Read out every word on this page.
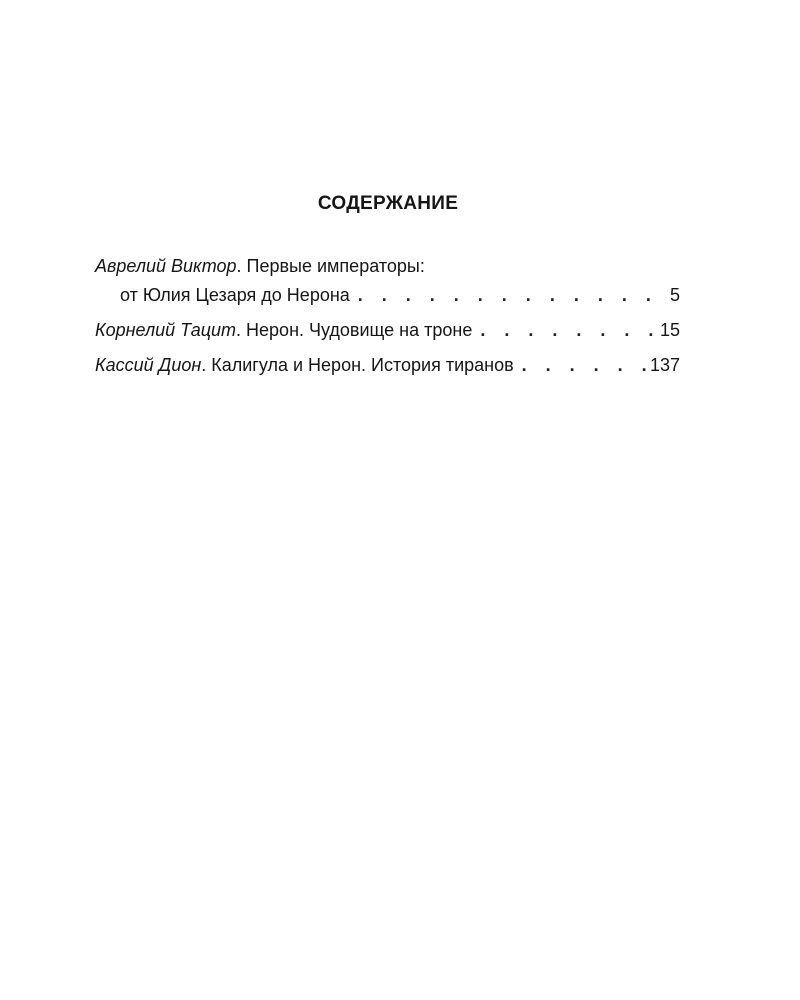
СОДЕРЖАНИЕ
Аврелий Виктор . Первые императоры:
от Юлия Цезаря до Нерона . . .	5
Корнелий Тацит . Нерон. Чудовище на троне . . .	15
Кассий Дион . Калигула и Нерон. История тиранов . . .	137
